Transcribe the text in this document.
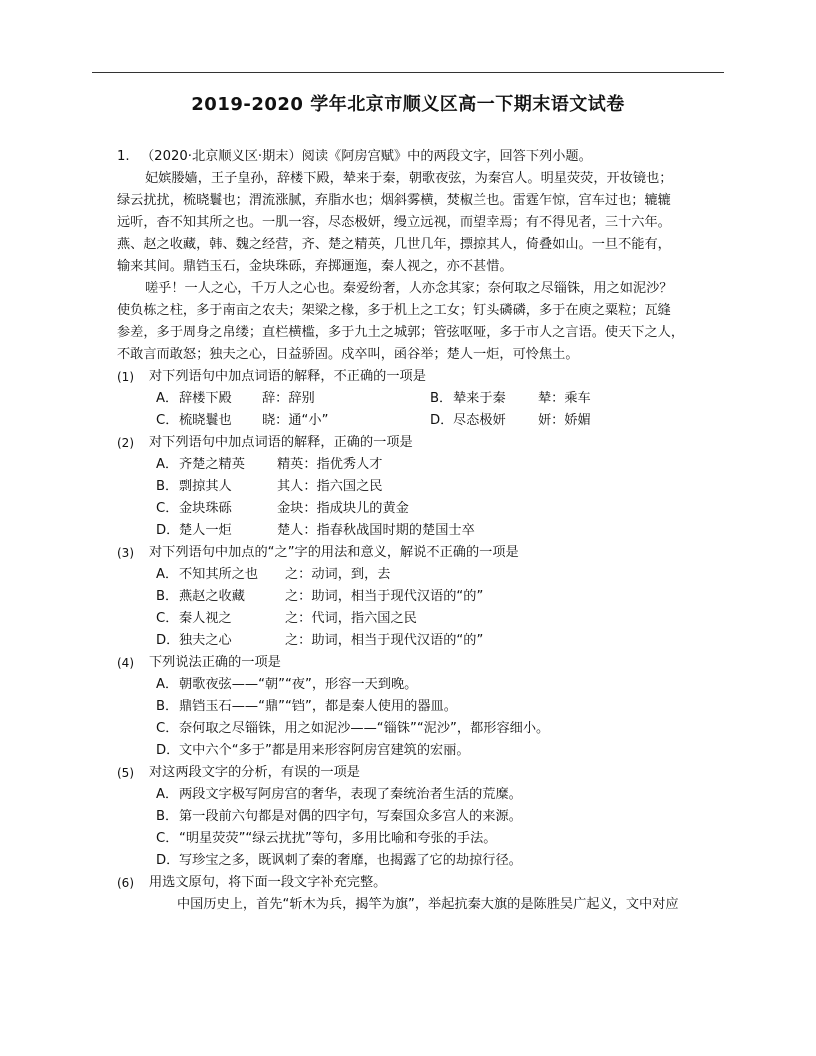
2019-2020 学年北京市顺义区高一下期末语文试卷
1. （2020·北京顺义区·期末）阅读《阿房宫赋》中的两段文字，回答下列小题。
妃嫔媵嫱，王子皇孙，辞楼下殿，辇来于秦，朝歌夜弦，为秦宫人。明星荧荧，开妆镜也；
绿云扰扰，梳晓鬟也；渭流涨腻，弃脂水也；烟斜雾横，焚椒兰也。雷霆乍惊，宫车过也；辘辘
远听，杳不知其所之也。一肌一容，尽态极妍，缦立远视，而望幸焉；有不得见者，三十六年。
燕、赵之收藏，韩、魏之经营，齐、楚之精英，几世几年，摽掠其人，倚叠如山。一旦不能有，
输来其间。鼎铛玉石，金块珠砾，弃掷逦迤，秦人视之，亦不甚惜。
嗟乎！一人之心，千万人之心也。秦爱纷奢，人亦念其家；奈何取之尽锱铢，用之如泥沙？
使负栋之柱，多于南亩之农夫；架梁之椽，多于机上之工女；钉头磷磷，多于在庾之粟粒；瓦缝
参差，多于周身之帛缕；直栏横槛，多于九土之城郭；管弦呕哑，多于市人之言语。使天下之人，
不敢言而敢怒；独夫之心，日益骄固。戍卒叫，函谷举；楚人一炬，可怜焦土。
(1)	对下列语句中加点词语的解释，不正确的一项是
A． 辞楼下殿 辞：辞别	B． 辇来于秦 辇：乘车
C． 梳晓鬟也 晓：通“小”	D． 尽态极妍 妍：娇媚
(2)	对下列语句中加点词语的解释，正确的一项是
A． 齐楚之精英 精英：指优秀人才
B． 剽掠其人	其人：指六国之民
C． 金块珠砾	金块：指成块儿的黄金
D． 楚人一炬	楚人：指春秋战国时期的楚国士卒
(3)	对下列语句中加点的“之”字的用法和意义，解说不正确的一项是
A． 不知其所之也 之：动词，到，去
B． 燕赵之收藏	之：助词，相当于现代汉语的“的”
C． 秦人视之	之：代词，指六国之民
D． 独夫之心	之：助词，相当于现代汉语的“的”
(4)	下列说法正确的一项是
A． 朝歌夜弦——“朝”“夜”，形容一天到晚。
B． 鼎铛玉石——“鼎”“铛”，都是秦人使用的器皿。
C． 奈何取之尽锱铢，用之如泥沙——“锱铢”“泥沙”，都形容细小。
D． 文中六个“多于”都是用来形容阿房宫建筑的宏丽。
(5)	对这两段文字的分析，有误的一项是
A． 两段文字极写阿房宫的奢华，表现了秦统治者生活的荒糜。
B． 第一段前六句都是对偶的四字句，写秦国众多宫人的来源。
C． “明星荧荧”“绿云扰扰”等句，多用比喻和夸张的手法。
D． 写珍宝之多，既讽刺了秦的奢靡，也揭露了它的劫掠行径。
(6)	用选文原句，将下面一段文字补充完整。
中国历史上，首先“斩木为兵，揭竿为旗”，举起抗秦大旗的是陈胜吴广起义，文中对应
